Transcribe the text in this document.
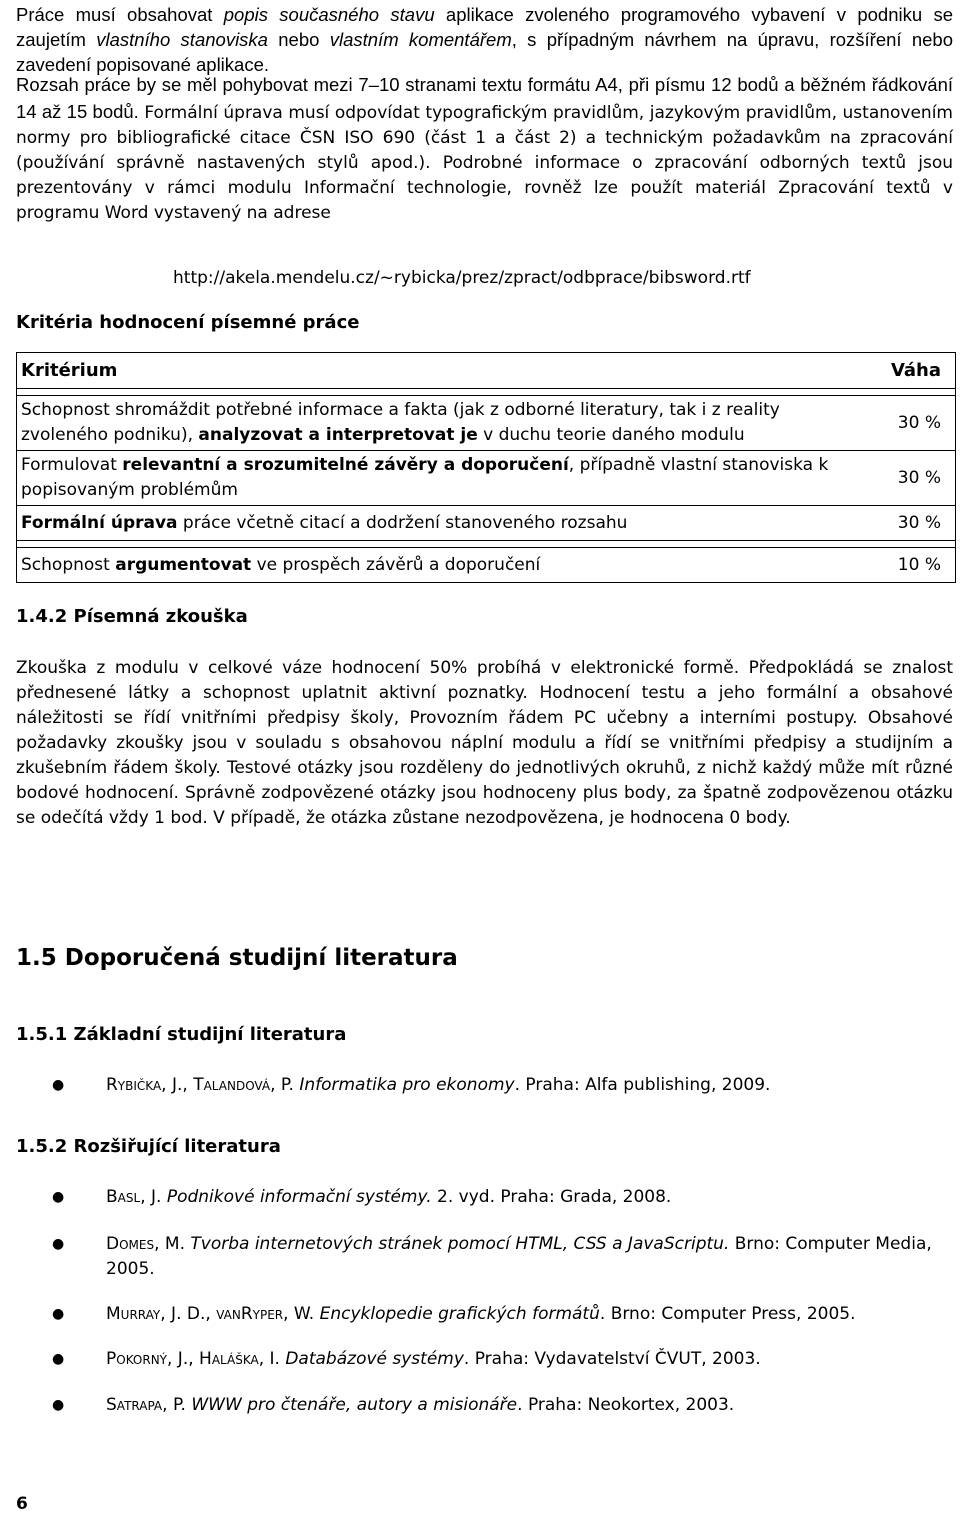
Práce musí obsahovat popis současného stavu aplikace zvoleného programového vybavení v podniku se zaujetím vlastního stanoviska nebo vlastním komentářem, s případným návrhem na úpravu, rozšíření nebo zavedení popisované aplikace.

Rozsah práce by se měl pohybovat mezi 7–10 stranami textu formátu A4, při písmu 12 bodů a běžném řádkování 14 až 15 bodů. Formální úprava musí odpovídat typografickým pravidlům, jazykovým pravidlům, ustanovením normy pro bibliografické citace ČSN ISO 690 (část 1 a část 2) a technickým požadavkům na zpracování (používání správně nastavených stylů apod.). Podrobné informace o zpracování odborných textů jsou prezentovány v rámci modulu Informační technologie, rovněž lze použít materiál Zpracování textů v programu Word vystavený na adrese

http://akela.mendelu.cz/~rybicka/prez/zpract/odbprace/bibsword.rtf
Kritéria hodnocení písemné práce
Kritérium	Váha

Schopnost shromáždit potřebné informace a fakta (jak z odborné literatury, tak i z reality zvoleného podniku), analyzovat a interpretovat je v duchu teorie daného modulu	30 %
Formulovat relevantní a srozumitelné závěry a doporučení, případně vlastní stanoviska k popisovaným problémům	30 %
Formální úprava práce včetně citací a dodržení stanoveného rozsahu	30 %

Schopnost argumentovat ve prospěch závěrů a doporučení	10 %
1.4.2 Písemná zkouška

Zkouška z modulu v celkové váze hodnocení 50% probíhá v elektronické formě. Předpokládá se znalost přednesené látky a schopnost uplatnit aktivní poznatky. Hodnocení testu a jeho formální a obsahové náležitosti se řídí vnitřními předpisy školy, Provozním řádem PC učebny a interními postupy. Obsahové požadavky zkoušky jsou v souladu s obsahovou náplní modulu a řídí se vnitřními předpisy a studijním a zkušebním řádem školy. Testové otázky jsou rozděleny do jednotlivých okruhů, z nichž každý může mít různé bodové hodnocení. Správně zodpovězené otázky jsou hodnoceny plus body, za špatně zodpovězenou otázku se odečítá vždy 1 bod. V případě, že otázka zůstane nezodpovězena, je hodnocena 0 body.

1.5 Doporučená studijní literatura
1.5.1 Základní studijní literatura
● Rybička, J., Talandová, P. Informatika pro ekonomy. Praha: Alfa publishing, 2009.
1.5.2 Rozšiřující literatura
● Basl, J. Podnikové informační systémy. 2. vyd. Praha: Grada, 2008.
● Domes, M. Tvorba internetových stránek pomocí HTML, CSS a JavaScriptu. Brno: Computer Media, 2005.
● Murray, J. D., vanRyper, W. Encyklopedie grafických formátů. Brno: Computer Press, 2005.
● Pokorný, J., Haláška, I. Databázové systémy. Praha: Vydavatelství ČVUT, 2003.
● Satrapa, P. WWW pro čtenáře, autory a misionáře. Praha: Neokortex, 2003.
6
